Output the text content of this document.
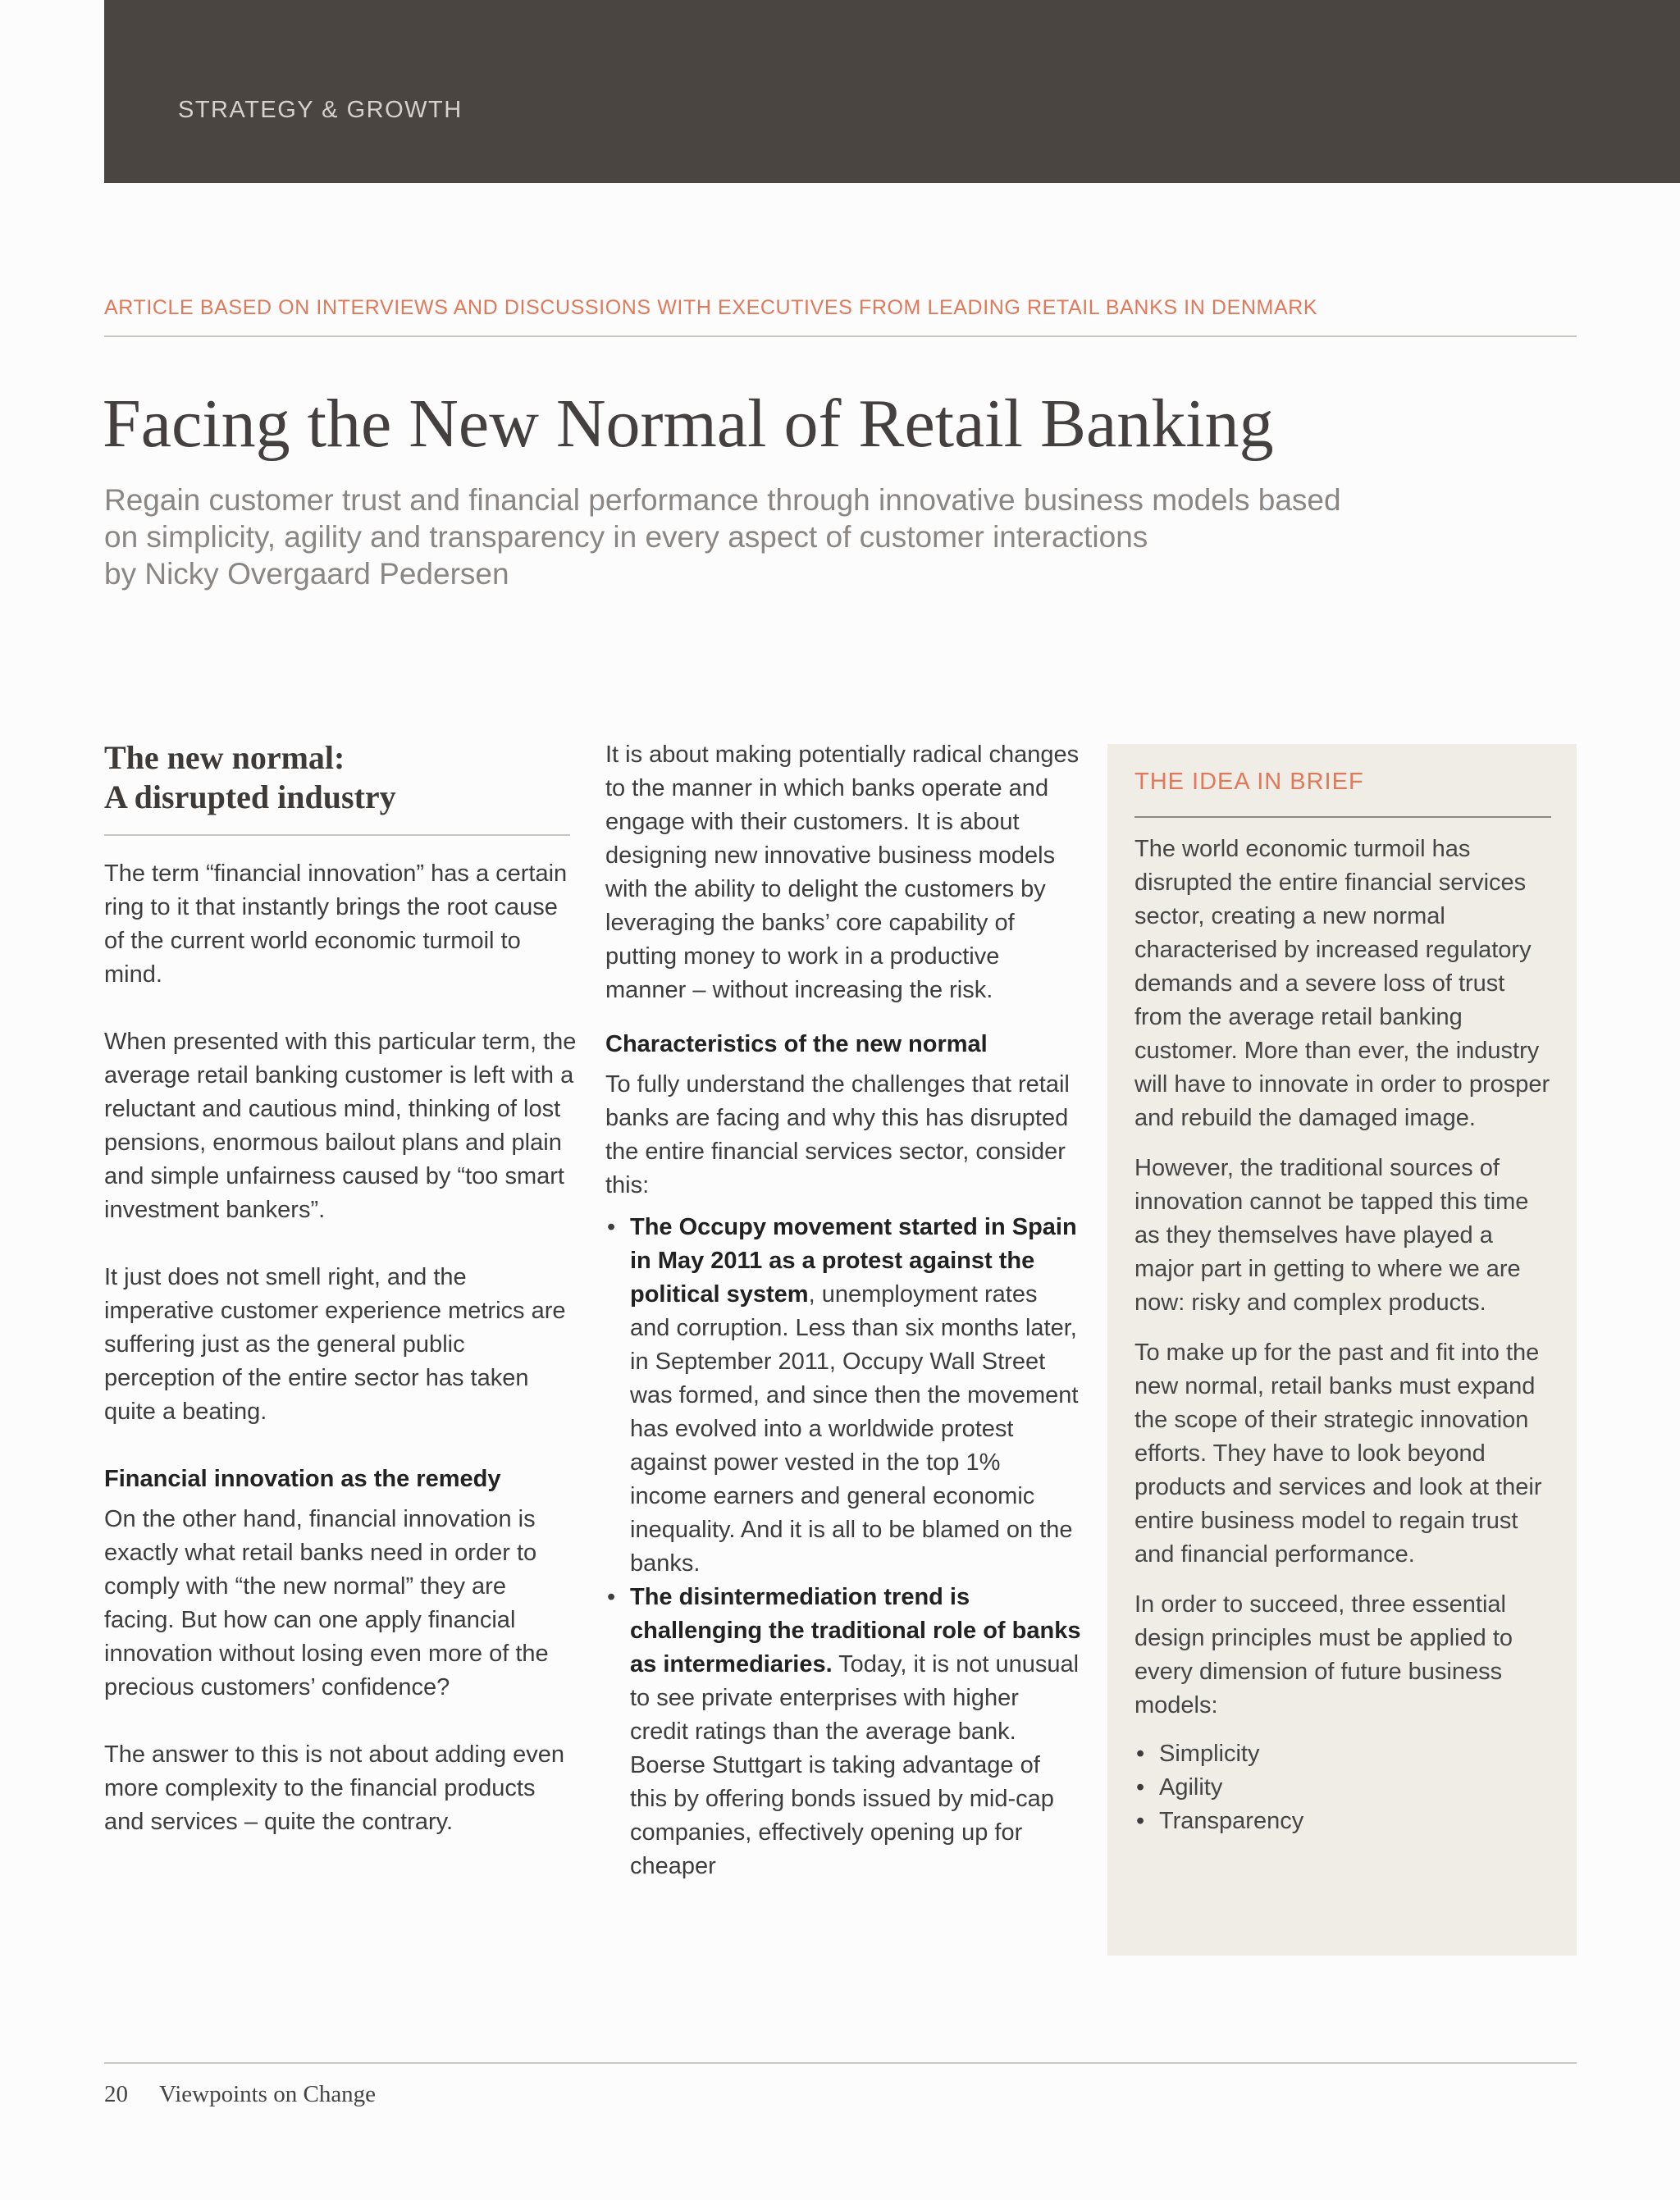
STRATEGY & GROWTH
ARTICLE BASED ON INTERVIEWS AND DISCUSSIONS WITH EXECUTIVES FROM LEADING RETAIL BANKS IN DENMARK
Facing the New Normal of Retail Banking
Regain customer trust and financial performance through innovative business models based
on simplicity, agility and transparency in every aspect of customer interactions
by Nicky Overgaard Pedersen
The new normal:
A disrupted industry

The term “financial innovation” has a certain ring to it that instantly brings the root cause of the current world economic turmoil to mind.

When presented with this particular term, the average retail banking customer is left with a reluctant and cautious mind, thinking of lost pensions, enormous bailout plans and plain and simple unfairness caused by “too smart investment bankers”.

It just does not smell right, and the imperative customer experience metrics are suffering just as the general public perception of the entire sector has taken quite a beating.

Financial innovation as the remedy

On the other hand, financial innovation is exactly what retail banks need in order to comply with “the new normal” they are facing. But how can one apply financial innovation without losing even more of the precious customers’ confidence?

The answer to this is not about adding even more complexity to the financial products and services – quite the contrary.

It is about making potentially radical changes to the manner in which banks operate and engage with their customers. It is about designing new innovative business models with the ability to delight the customers by leveraging the banks’ core capability of putting money to work in a productive manner – without increasing the risk.

Characteristics of the new normal

To fully understand the challenges that retail banks are facing and why this has disrupted the entire financial services sector, consider this:

• The Occupy movement started in Spain in May 2011 as a protest against the political system, unemployment rates and corruption. Less than six months later, in September 2011, Occupy Wall Street was formed, and since then the movement has evolved into a worldwide protest against power vested in the top 1% income earners and general economic inequality. And it is all to be blamed on the banks.
• The disintermediation trend is challenging the traditional role of banks as intermediaries. Today, it is not unusual to see private enterprises with higher credit ratings than the average bank. Boerse Stuttgart is taking advantage of this by offering bonds issued by mid-cap companies, effectively opening up for cheaper

THE IDEA IN BRIEF

The world economic turmoil has disrupted the entire financial services sector, creating a new normal characterised by increased regulatory demands and a severe loss of trust from the average retail banking customer. More than ever, the industry will have to innovate in order to prosper and rebuild the damaged image.

However, the traditional sources of innovation cannot be tapped this time as they themselves have played a major part in getting to where we are now: risky and complex products.

To make up for the past and fit into the new normal, retail banks must expand the scope of their strategic innovation efforts. They have to look beyond products and services and look at their entire business model to regain trust and financial performance.

In order to succeed, three essential design principles must be applied to every dimension of future business models:

• Simplicity
• Agility
• Transparency
20 Viewpoints on Change
